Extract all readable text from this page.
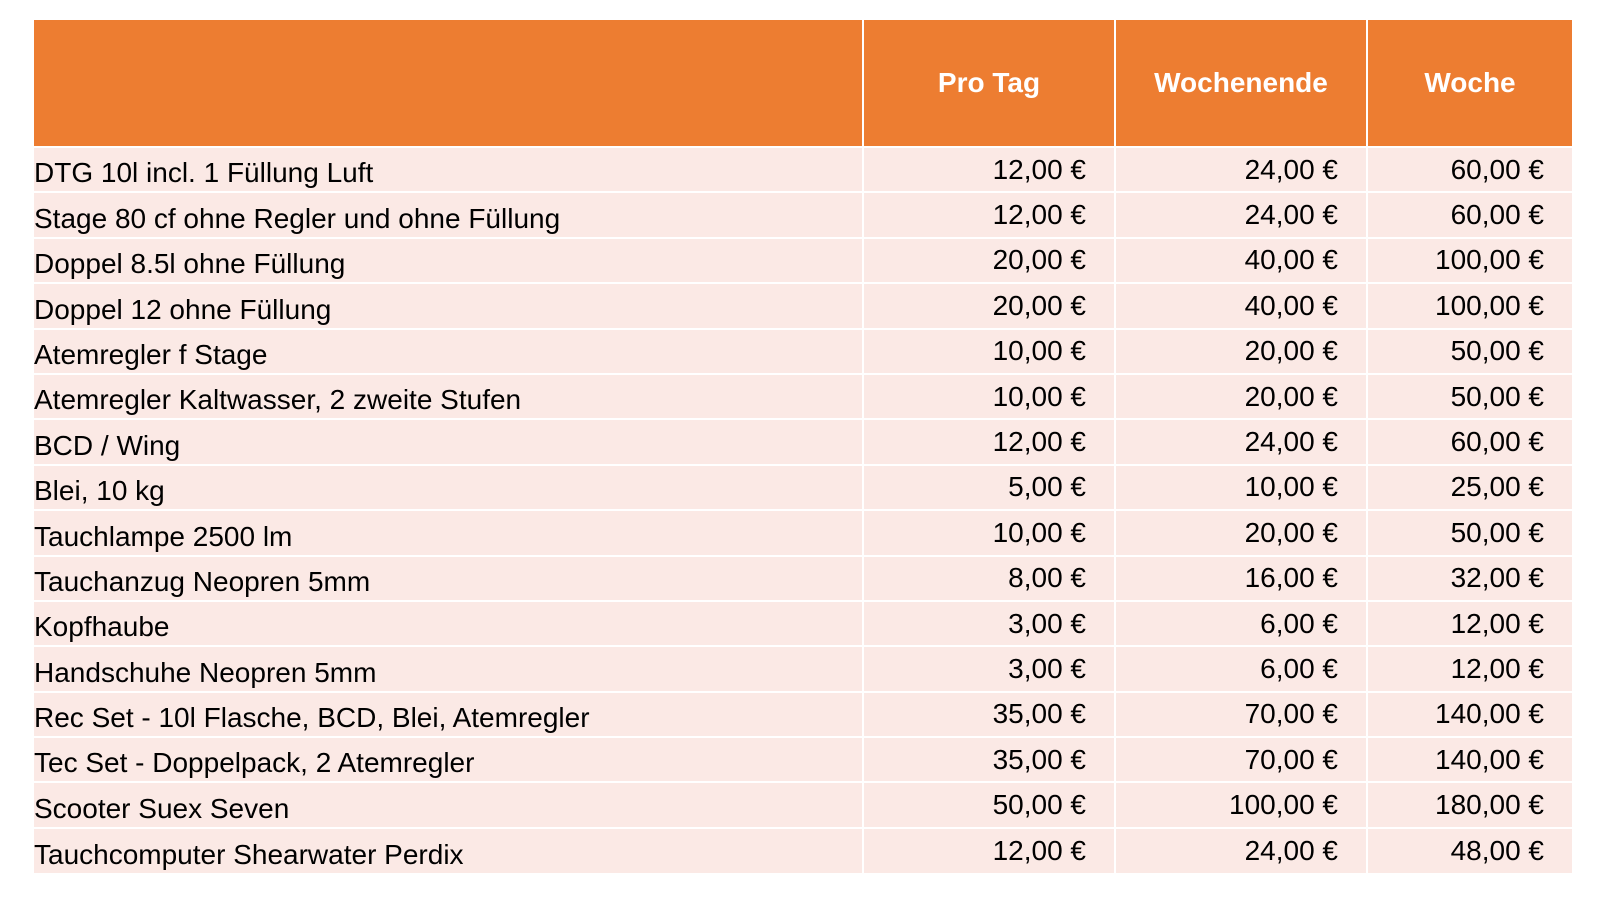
	Pro Tag	Wochenende	Woche
DTG 10l incl. 1 Füllung Luft	12,00 €	24,00 €	60,00 €
Stage 80 cf ohne Regler und ohne Füllung	12,00 €	24,00 €	60,00 €
Doppel 8.5l ohne Füllung	20,00 €	40,00 €	100,00 €
Doppel 12 ohne Füllung	20,00 €	40,00 €	100,00 €
Atemregler f Stage	10,00 €	20,00 €	50,00 €
Atemregler Kaltwasser, 2 zweite Stufen	10,00 €	20,00 €	50,00 €
BCD / Wing	12,00 €	24,00 €	60,00 €
Blei, 10 kg	5,00 €	10,00 €	25,00 €
Tauchlampe 2500 lm	10,00 €	20,00 €	50,00 €
Tauchanzug Neopren 5mm	8,00 €	16,00 €	32,00 €
Kopfhaube	3,00 €	6,00 €	12,00 €
Handschuhe Neopren 5mm	3,00 €	6,00 €	12,00 €
Rec Set - 10l Flasche, BCD, Blei, Atemregler	35,00 €	70,00 €	140,00 €
Tec Set - Doppelpack, 2 Atemregler	35,00 €	70,00 €	140,00 €
Scooter Suex Seven	50,00 €	100,00 €	180,00 €
Tauchcomputer Shearwater Perdix	12,00 €	24,00 €	48,00 €
